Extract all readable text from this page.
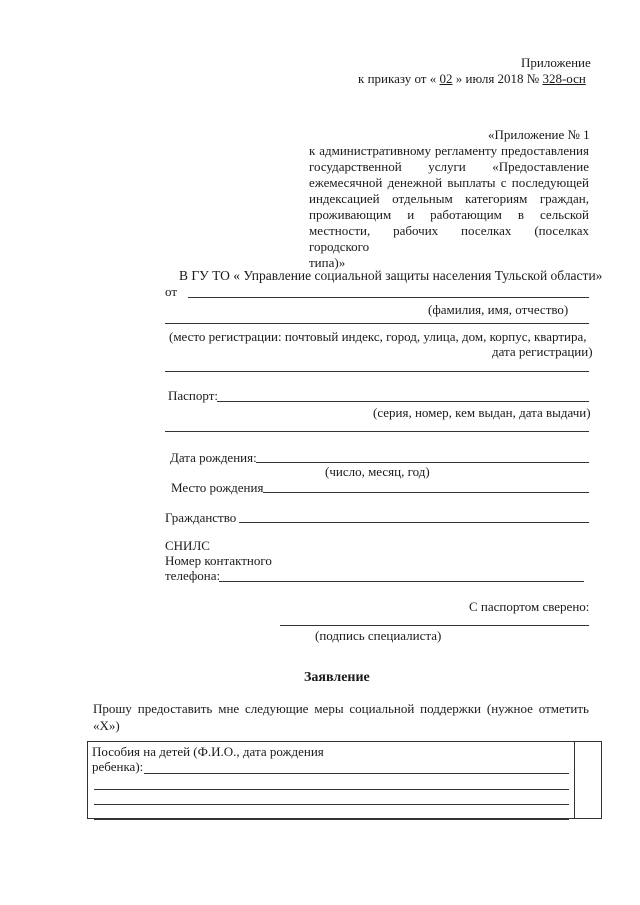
Приложение
к приказу от « 02 » июля 2018 № 328-осн
«Приложение № 1
к административному регламенту предоставления
государственной услуги «Предоставление
ежемесячной денежной выплаты с последующей
индексацией отдельным категориям граждан,
проживающим и работающим в сельской
местности, рабочих поселках (поселках городского
типа)»
В ГУ ТО « Управление социальной защиты населения Тульской области»
от
(фамилия, имя, отчество)
(место регистрации: почтовый индекс, город, улица, дом, корпус, квартира,
дата регистрации)
Паспорт:
(серия, номер, кем выдан, дата выдачи)
Дата рождения:
(число, месяц, год)
Место рождения
Гражданство
СНИЛС
Номер контактного
телефона:
С паспортом сверено:
(подпись специалиста)
Заявление
Прошу предоставить мне следующие меры социальной поддержки (нужное отметить «Х»)
Пособия на детей (Ф.И.О., дата рождения
ребенка):
